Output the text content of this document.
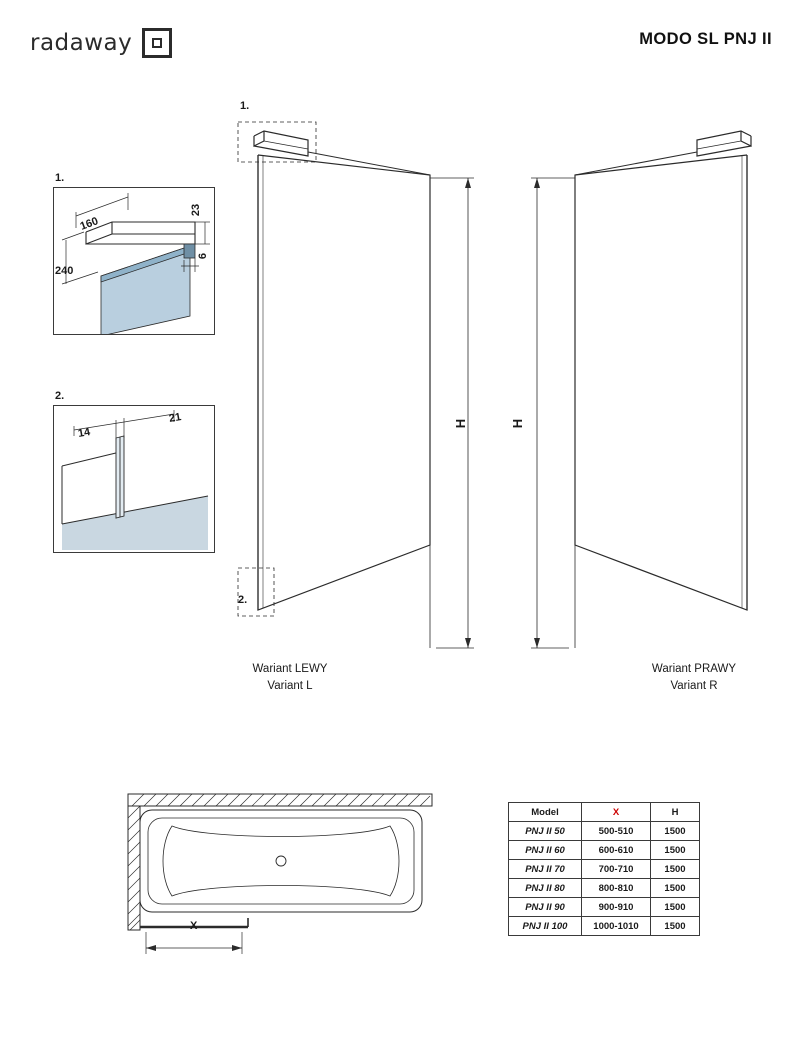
radaway	MODO SL PNJ II
1.
160
23
240
6
2.
14
21
1.
2.
H
Wariant LEWY
Variant L
H
Wariant PRAWY
Variant R
X
Model	X	H
PNJ II 50	500-510	1500
PNJ II 60	600-610	1500
PNJ II 70	700-710	1500
PNJ II 80	800-810	1500
PNJ II 90	900-910	1500
PNJ II 100	1000-1010	1500
